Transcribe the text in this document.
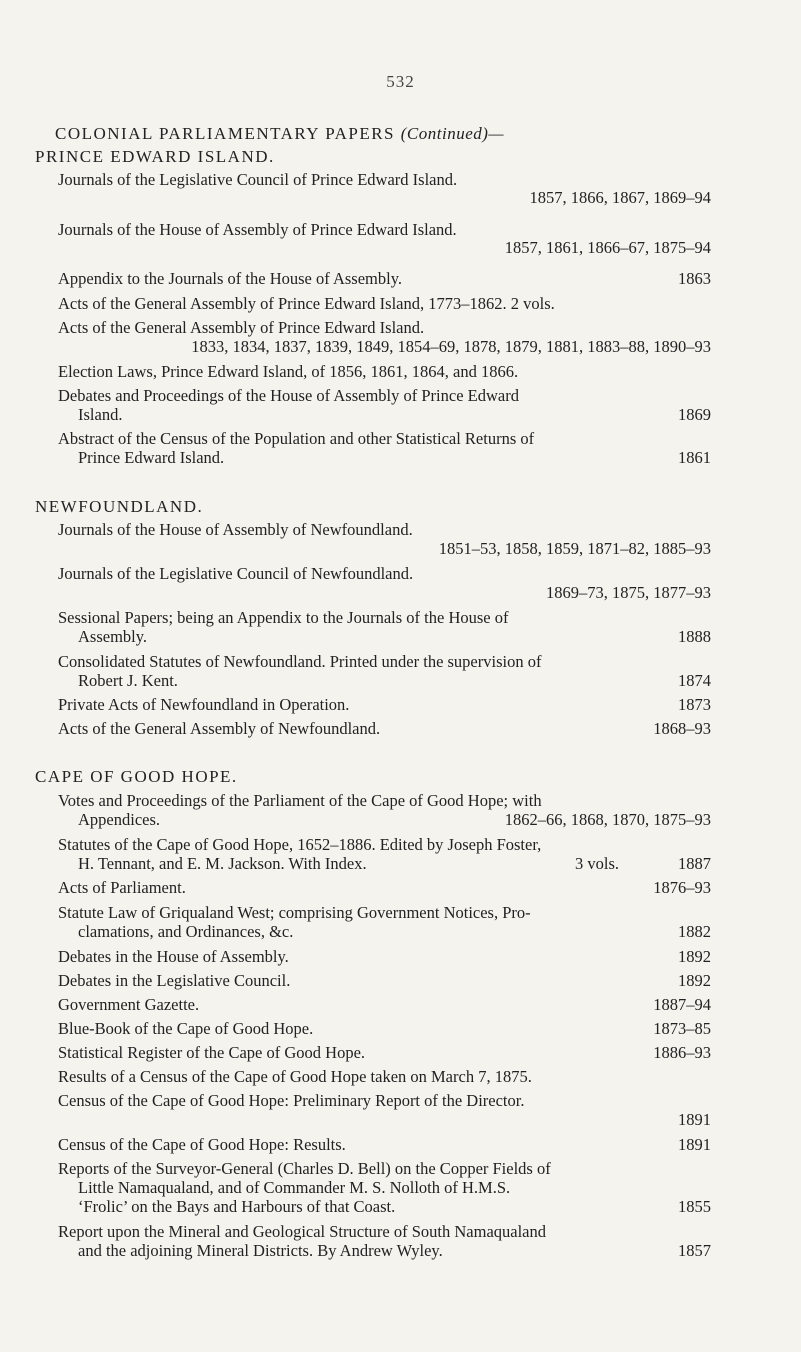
532
COLONIAL PARLIAMENTARY PAPERS (Continued)—
PRINCE EDWARD ISLAND.
Journals of the Legislative Council of Prince Edward Island.
1857, 1866, 1867, 1869–94
Journals of the House of Assembly of Prince Edward Island.
1857, 1861, 1866–67, 1875–94
Appendix to the Journals of the House of Assembly.	1863
Acts of the General Assembly of Prince Edward Island, 1773–1862. 2 vols.
Acts of the General Assembly of Prince Edward Island.
1833, 1834, 1837, 1839, 1849, 1854–69, 1878, 1879, 1881, 1883–88, 1890–93
Election Laws, Prince Edward Island, of 1856, 1861, 1864, and 1866.
Debates and Proceedings of the House of Assembly of Prince Edward
Island.	1869
Abstract of the Census of the Population and other Statistical Returns of
Prince Edward Island.	1861
NEWFOUNDLAND.
Journals of the House of Assembly of Newfoundland.
1851–53, 1858, 1859, 1871–82, 1885–93
Journals of the Legislative Council of Newfoundland.
1869–73, 1875, 1877–93
Sessional Papers; being an Appendix to the Journals of the House of
Assembly.	1888
Consolidated Statutes of Newfoundland. Printed under the supervision of
Robert J. Kent.	1874
Private Acts of Newfoundland in Operation.	1873
Acts of the General Assembly of Newfoundland.	1868–93
CAPE OF GOOD HOPE.
Votes and Proceedings of the Parliament of the Cape of Good Hope; with
Appendices.	1862–66, 1868, 1870, 1875–93
Statutes of the Cape of Good Hope, 1652–1886. Edited by Joseph Foster,
H. Tennant, and E. M. Jackson. With Index.	3 vols.	1887
Acts of Parliament.	1876–93
Statute Law of Griqualand West; comprising Government Notices, Pro-
clamations, and Ordinances, &c.	1882
Debates in the House of Assembly.	1892
Debates in the Legislative Council.	1892
Government Gazette.	1887–94
Blue-Book of the Cape of Good Hope.	1873–85
Statistical Register of the Cape of Good Hope.	1886–93
Results of a Census of the Cape of Good Hope taken on March 7, 1875.
Census of the Cape of Good Hope: Preliminary Report of the Director.
1891
Census of the Cape of Good Hope: Results.	1891
Reports of the Surveyor-General (Charles D. Bell) on the Copper Fields of
Little Namaqualand, and of Commander M. S. Nolloth of H.M.S.
‘Frolic’ on the Bays and Harbours of that Coast.	1855
Report upon the Mineral and Geological Structure of South Namaqualand
and the adjoining Mineral Districts. By Andrew Wyley.	1857
